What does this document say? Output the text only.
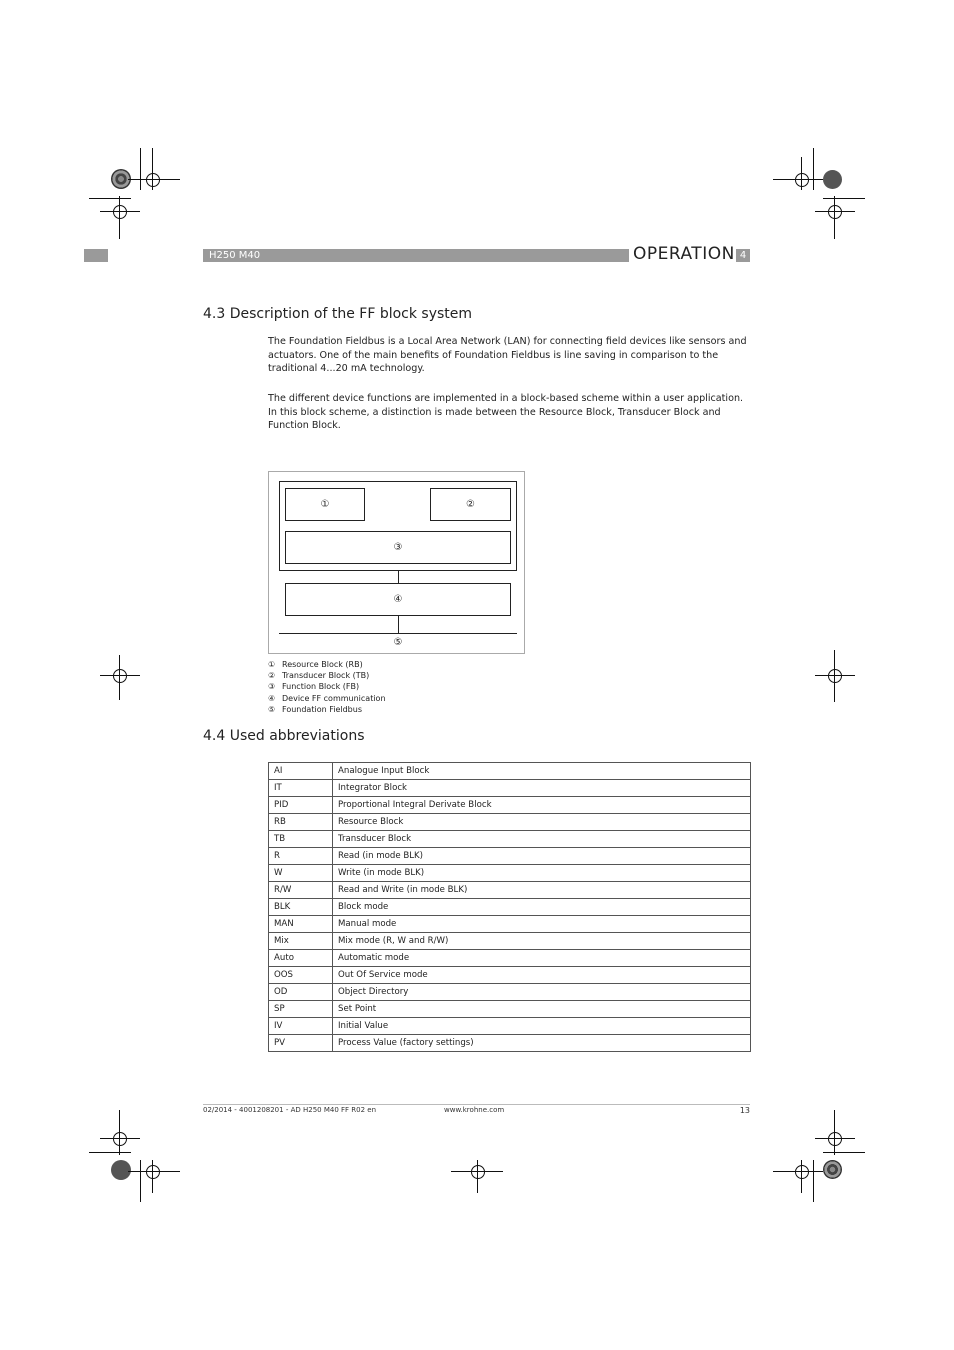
H250 M40	OPERATION 4
4.3 Description of the FF block system

The Foundation Fieldbus is a Local Area Network (LAN) for connecting field devices like sensors and actuators. One of the main benefits of Foundation Fieldbus is line saving in comparison to the traditional 4...20 mA technology.

The different device functions are implemented in a block-based scheme within a user application. In this block scheme, a distinction is made between the Resource Block, Transducer Block and Function Block.

①	②
③
④
⑤
① Resource Block (RB)
② Transducer Block (TB)
③ Function Block (FB)
④ Device FF communication
⑤ Foundation Fieldbus
4.4 Used abbreviations
AI	Analogue Input Block
IT	Integrator Block
PID	Proportional Integral Derivate Block
RB	Resource Block
TB	Transducer Block
R	Read (in mode BLK)
W	Write (in mode BLK)
R/W	Read and Write (in mode BLK)
BLK	Block mode
MAN	Manual mode
Mix	Mix mode (R, W and R/W)
Auto	Automatic mode
OOS	Out Of Service mode
OD	Object Directory
SP	Set Point
IV	Initial Value
PV	Process Value (factory settings)
02/2014 - 4001208201 - AD H250 M40 FF R02 en	www.krohne.com	13
